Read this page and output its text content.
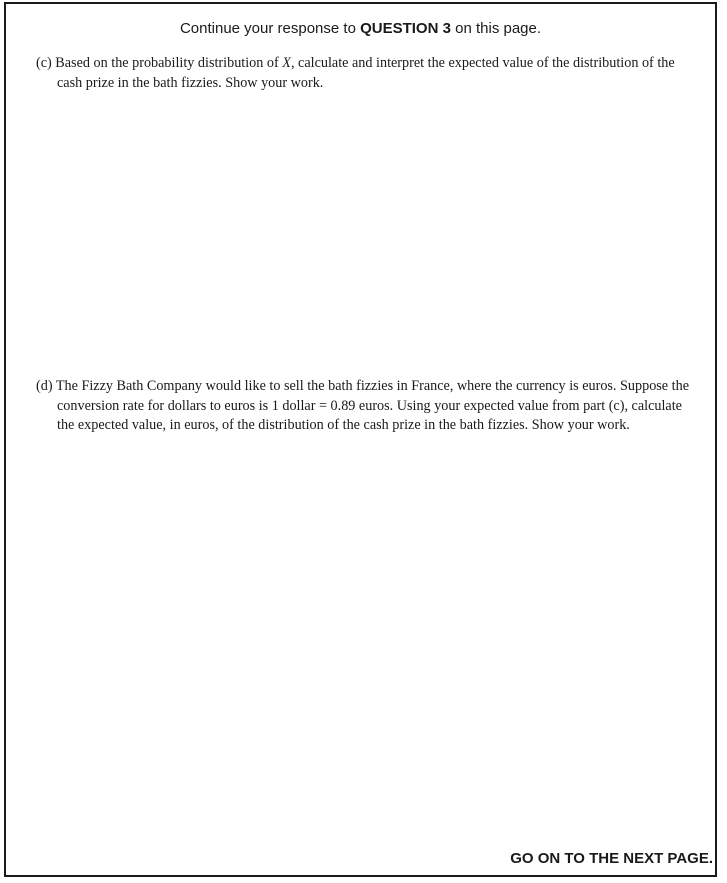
Continue your response to QUESTION 3 on this page.
(c) Based on the probability distribution of X, calculate and interpret the expected value of the distribution of the cash prize in the bath fizzies. Show your work.
(d) The Fizzy Bath Company would like to sell the bath fizzies in France, where the currency is euros. Suppose the conversion rate for dollars to euros is 1 dollar = 0.89 euros. Using your expected value from part (c), calculate the expected value, in euros, of the distribution of the cash prize in the bath fizzies. Show your work.
GO ON TO THE NEXT PAGE.
